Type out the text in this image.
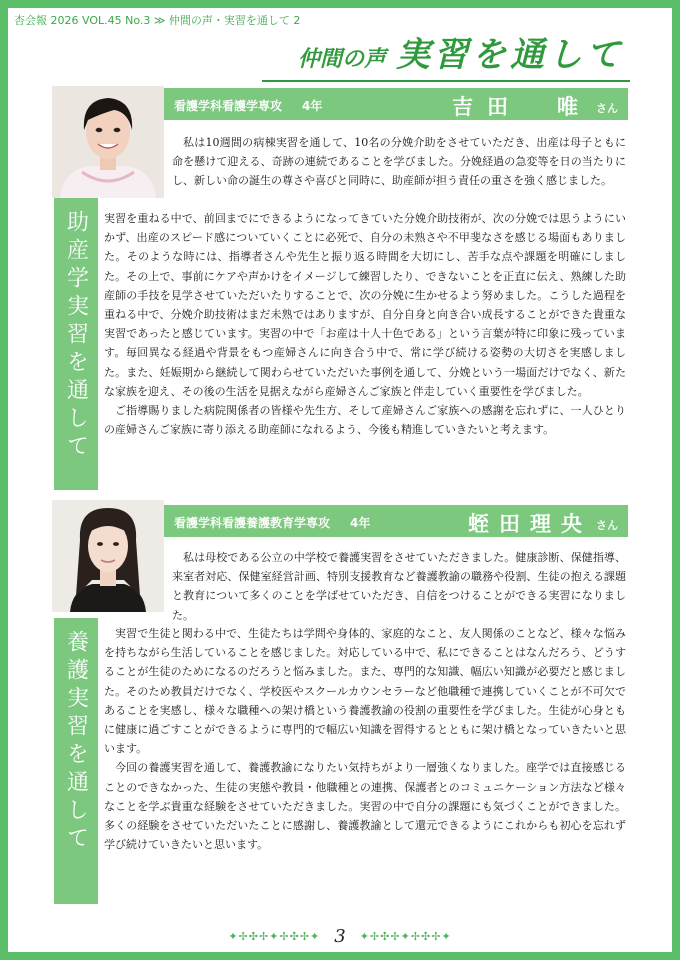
杏会報 2026 VOL.45 No.3 ≫ 仲間の声・実習を通して 2
仲間の声 実習を通して
看護学科看護学専攻 4年	吉田　唯 さん
助産学実習を通して

私は10週間の病棟実習を通して、10名の分娩介助をさせていただき、出産は母子ともに命を懸けて迎える、奇跡の連続であることを学びました。分娩経過の急変等を日の当たりにし、新しい命の誕生の尊さや喜びと同時に、助産師が担う責任の重さを強く感じました。

実習を重ねる中で、前回までにできるようになってきていた分娩介助技術が、次の分娩では思うようにいかず、出産のスピード感についていくことに必死で、自分の未熟さや不甲斐なさを感じる場面もありました。そのような時には、指導者さんや先生と振り返る時間を大切にし、苦手な点や課題を明確にしました。その上で、事前にケアや声かけをイメージして練習したり、できないことを正直に伝え、熟練した助産師の手技を見学させていただいたりすることで、次の分娩に生かせるよう努めました。こうした過程を重ねる中で、分娩介助技術はまだ未熟ではありますが、自分自身と向き合い成長することができた貴重な実習であったと感じています。実習の中で「お産は十人十色である」という言葉が特に印象に残っています。毎回異なる経過や背景をもつ産婦さんに向き合う中で、常に学び続ける姿勢の大切さを実感しました。また、妊娠期から継続して関わらせていただいた事例を通して、分娩という一場面だけでなく、新たな家族を迎え、その後の生活を見据えながら産婦さんご家族と伴走していく重要性を学びました。

ご指導賜りました病院関係者の皆様や先生方、そして産婦さんご家族への感謝を忘れずに、一人ひとりの産婦さんご家族に寄り添える助産師になれるよう、今後も精進していきたいと考えます。

看護学科看護養護教育学専攻 4年	蛭田理央 さん
養護実習を通して

私は母校である公立の中学校で養護実習をさせていただきました。健康診断、保健指導、来室者対応、保健室経営計画、特別支援教育など養護教諭の職務や役割、生徒の抱える課題と教育について多くのことを学ばせていただき、自信をつけることができる実習になりました。

実習で生徒と関わる中で、生徒たちは学問や身体的、家庭的なこと、友人関係のことなど、様々な悩みを持ちながら生活していることを感じました。対応している中で、私にできることはなんだろう、どうすることが生徒のためになるのだろうと悩みました。また、専門的な知識、幅広い知識が必要だと感じました。そのため教員だけでなく、学校医やスクールカウンセラーなど他職種で連携していくことが不可欠であることを実感し、様々な職種への架け橋という養護教諭の役割の重要性を学びました。生徒が心身ともに健康に過ごすことができるように専門的で幅広い知識を習得するとともに架け橋となっていきたいと思います。

今回の養護実習を通して、養護教諭になりたい気持ちがより一層強くなりました。座学では直接感じることのできなかった、生徒の実態や教員・他職種との連携、保護者とのコミュニケーション方法など様々なことを学ぶ貴重な経験をさせていただきました。実習の中で自分の課題にも気づくことができました。多くの経験をさせていただいたことに感謝し、養護教諭として還元できるようにこれからも初心を忘れず学び続けていきたいと思います。

✦✢✣✢✦✢✣✢✦ 3 ✦✢✣✢✦✢✣✢✦
